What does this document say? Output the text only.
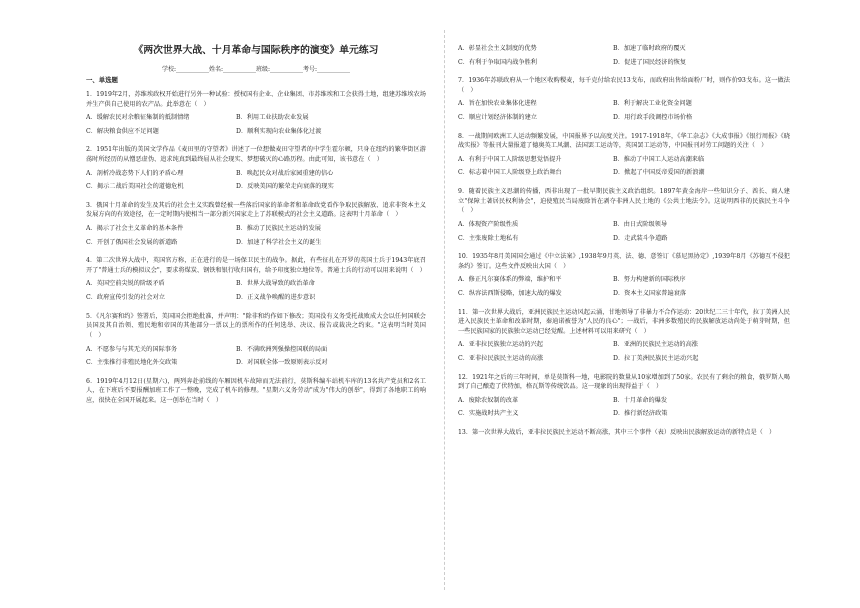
《两次世界大战、十月革命与国际秩序的演变》单元练习
学校:___________姓名:___________班级:___________考号:___________
一、单选题
1．1919年2月，苏维埃政权开始进行另外一种试验：授权国有企业、企业集团、市苏维埃和工会获得土地，组建苏维埃农场并生产供自己使用的农产品。此举意在（　）
A．缓解农民对余粮征集制的抵制情绪	B．利用工业扶助农业发展
C．解决粮食供应不足问题	D．顺利实现向农业集体化过渡
2．1951年出版的美国文学作品《麦田里的守望者》讲述了一位想做麦田守望者的中学生霍尔顿，只身在纽约的繁华街区游荡时所经历的从憎恶虚伪、追求纯真到最终屈从社会现实、梦想破灭的心路历程。由此可知，该书意在（　）
A．剖析冷战态势下人们的矛盾心理	B．唤起民众对战后家园重建的信心
C．揭示二战后美国社会的道德危机	D．反映美国的繁荣走向衰落的现实
3．俄国十月革命的发生及其后的社会主义实践曾经被一些落后国家的革命者和革命政党看作争取民族解放、追求非资本主义发展方向的有效途径，在一定时期内使相当一部分新兴国家走上了苏联模式的社会主义道路。这表明十月革命（　）
A．揭示了社会主义革命的基本条件	B．推动了民族民主运动的发展
C．开创了俄国社会发展的新道路	D．加速了科学社会主义的诞生
4．第二次世界大战中，英国官方称，正在进行的是一场保卫民主的战争。据此，有些征扎在开罗的英国士兵于1943年底召开了"普通士兵的模拟议会"，要求将煤炭、钢铁和银行收归国有，给予印度独立地位等。普通士兵的行动可以用来说明（　）
A．英国空前尖锐的阶级矛盾	B．世界大战导致的政治革命
C．政府宣传引发的社会对立	D．正义战争唤醒的进步意识
5．《凡尔赛和约》签署后，美国国会拒绝批准，并声明："除非和约作如下修改；美国没有义务受托战败成大会以任何国联会员国及其自治领、殖民地和帝国的其他部分一票以上的票所作的任何选举、决议、报告或裁决之约束。"这表明当时美国（　）
A．不愿参与与其无关的国际事务	B．不满欧洲列强操控国联的局面
C．主张推行非殖民地化外交政策	D．对国联全体一致原则表示反对
6．1919年4月12日(星期六)，两列奔赴前线的车厢因机车故障而无法前行，莫斯科编车站机车库的13名共产党员和2名工人，在下班后不要报酬加班工作了一整晚，完成了机车的修理。"星期六义务劳动"成为"伟大的创举"，得到了各地职工的响应，很快在全国开展起来。这一创举在当时（　）
A．彰显社会主义制度的优势	B．加速了临时政府的覆灭
C．有利于争取国内战争胜利	D．促进了国民经济的恢复
7．1936年苏联政府从一个地区收购稷麦，每千克付给农民13戈布，而政府出售给面粉厂时，则作价93戈布。这一做法（　）
A．旨在加快农业集体化进程	B．利于解决工业化资金问题
C．顺应计划经济体制的建立	D．用行政手段调控市场价格
8．一战期间欧洲工人运动频繁发展，中国报界予以高度关注。1917-1918年，《华工杂志》《大成事报》《银行周报》《晓战实报》等报刊大量报道了德奥英工风潮、法国罢工运动等，英国罢工运动等，中国报刊对劳工问题的关注（　）
A．有利于中国工人阶级思想觉悟提升	B．推动了中国工人运动高潮来临
C．标志着中国工人阶级登上政治舞台	D．掀起了中国反帝爱国的新浪潮
9．随着民族主义思潮的传播，西非出现了一批早期民族主义政治组织。1897年黄金海岸一些知识分子、酋长、商人建立"保障土著居民权利协会"，迫使殖民当局废除旨在剥夺非洲人民土地的《公共土地法令》。这说明西非的民族民主斗争（　）
A．体现资产阶级性质	B．由日式阶级领导
C．主张废除土地私有	D．走武装斗争道路
10．1935年8月美国国会通过《中立法案》,1938年9月英、法、德、意签订《慕尼黑协定》,1939年8月《苏德互不侵犯条约》签订。这些文件反映出大国（　）
A．修正凡尔赛体系的弊端，维护和平	B．努力构建新的国际秩序
C．纵容法西斯侵略，加速大战的爆发	D．资本主义国家普遍衰落
11．第一次世界大战后，亚洲民族民主运动风起云涌，甘地领导了非暴力不合作运动：20世纪二三十年代，拉丁美洲人民进入民族民主革命和改革时期，秦迪诺被誉为"人民的良心"；一战后，非洲多数殖民的民族解放运动尚处于萌芽时期，但一些民族国家的民族独立运动已经觉醒。上述材料可以用来研究（　）
A．亚非拉民族独立运动的兴起	B．亚洲的民族民主运动的高涨
C．亚非拉民族民主运动的高涨	D．拉丁美洲民族民主运动兴起
12．1921年之后的三年时间，单是莫斯科一地，电影院的数量从10家增加到了50家。农民有了剩余的粮食，俄罗斯人喝到了自己酿造了伏特加，格瓦斯等传统饮品。这一现象的出现得益于（　）
A．废除农奴制的改革	B．十月革命的爆发
C．实施战时共产主义	D．推行新经济政策
13．第一次世界大战后，亚非拉民族民主运动不断高涨，其中三个事件（表）反映出民族解放运动的新特点是（　）
